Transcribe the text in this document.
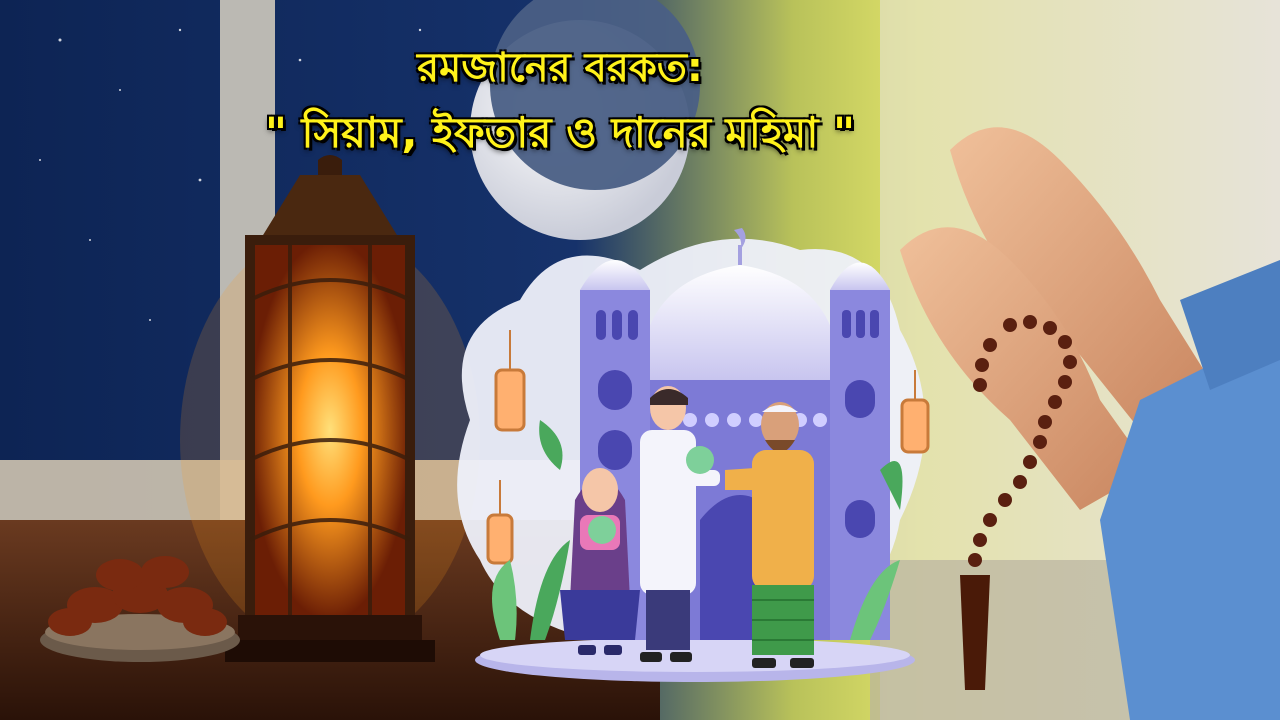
রমজানের বরকত:
" সিয়াম, ইফতার ও দানের মহিমা "
